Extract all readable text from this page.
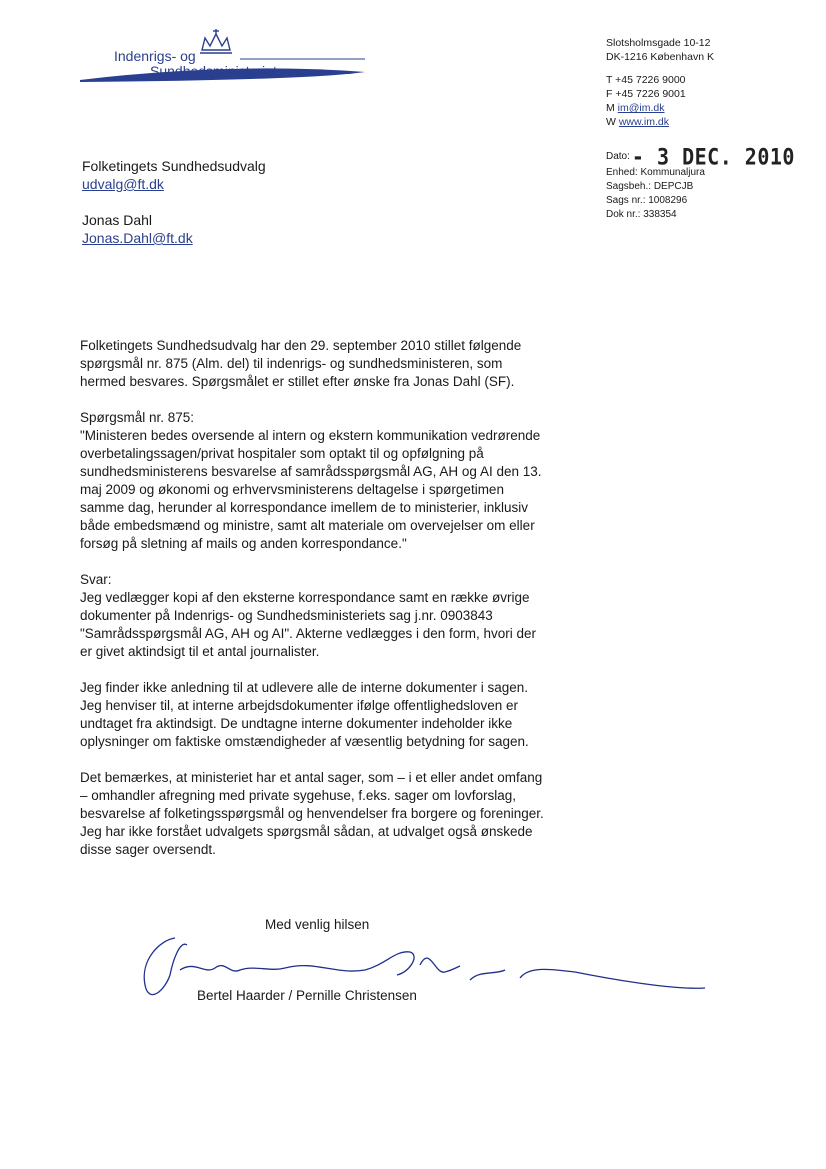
Indenrigs- og
Sundhedsministeriet
Slotsholmsgade 10-12
DK-1216 København K
T +45 7226 9000
F +45 7226 9001
M im@im.dk
W www.im.dk
Dato: - 3 DEC. 2010
Enhed: Kommunaljura
Sagsbeh.: DEPCJB
Sags nr.: 1008296
Dok nr.: 338354
Folketingets Sundhedsudvalg
udvalg@ft.dk
Jonas Dahl
Jonas.Dahl@ft.dk

Folketingets Sundhedsudvalg har den 29. september 2010 stillet følgende spørgsmål nr. 875 (Alm. del) til indenrigs- og sundhedsministeren, som hermed besvares. Spørgsmålet er stillet efter ønske fra Jonas Dahl (SF).

Spørgsmål nr. 875:
"Ministeren bedes oversende al intern og ekstern kommunikation vedrørende overbetalingssagen/privat hospitaler som optakt til og opfølgning på sundhedsministerens besvarelse af samrådsspørgsmål AG, AH og AI den 13. maj 2009 og økonomi og erhvervsministerens deltagelse i spørgetimen samme dag, herunder al korrespondance imellem de to ministerier, inklusiv både embedsmænd og ministre, samt alt materiale om overvejelser om eller forsøg på sletning af mails og anden korrespondance."

Svar:
Jeg vedlægger kopi af den eksterne korrespondance samt en række øvrige dokumenter på Indenrigs- og Sundhedsministeriets sag j.nr. 0903843 "Samrådsspørgsmål AG, AH og AI". Akterne vedlægges i den form, hvori der er givet aktindsigt til et antal journalister.

Jeg finder ikke anledning til at udlevere alle de interne dokumenter i sagen. Jeg henviser til, at interne arbejdsdokumenter ifølge offentlighedsloven er undtaget fra aktindsigt. De undtagne interne dokumenter indeholder ikke oplysninger om faktiske omstændigheder af væsentlig betydning for sagen.

Det bemærkes, at ministeriet har et antal sager, som – i et eller andet omfang – omhandler afregning med private sygehuse, f.eks. sager om lovforslag, besvarelse af folketingsspørgsmål og henvendelser fra borgere og foreninger. Jeg har ikke forstået udvalgets spørgsmål sådan, at udvalget også ønskede disse sager oversendt.

Med venlig hilsen
Bertel Haarder / Pernille Christensen
